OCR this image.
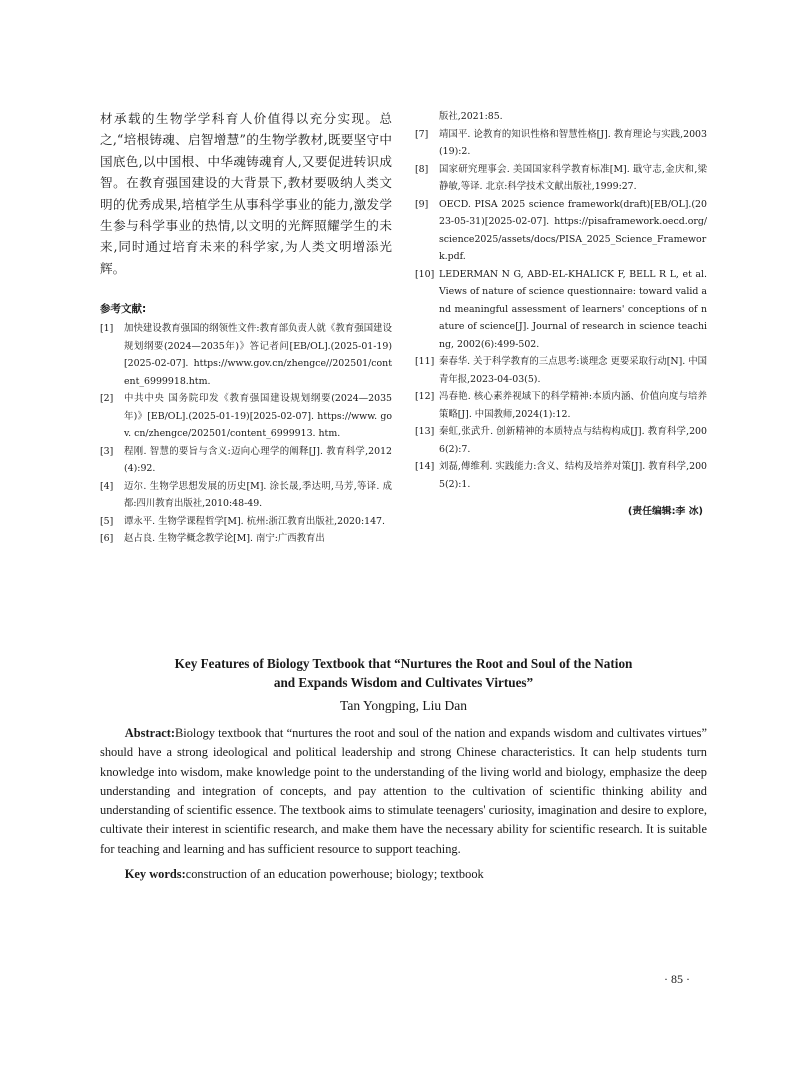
材承载的生物学学科育人价值得以充分实现。总之,“培根铸魂、启智增慧”的生物学教材,既要坚守中国底色,以中国根、中华魂铸魂育人,又要促进转识成智。在教育强国建设的大背景下,教材要吸纳人类文明的优秀成果,培植学生从事科学事业的能力,激发学生参与科学事业的热情,以文明的光辉照耀学生的未来,同时通过培育未来的科学家,为人类文明增添光辉。

参考文献:
[1]	加快建设教育强国的纲领性文件:教育部负责人就《教育强国建设规划纲要(2024—2035年)》答记者问[EB/OL].(2025-01-19)[2025-02-07]. https://www.gov.cn/zhengce//202501/content_6999918.htm.
[2]	中共中央 国务院印发《教育强国建设规划纲要(2024—2035 年)》[EB/OL].(2025-01-19)[2025-02-07]. https://www. gov. cn/zhengce/202501/content_6999913. htm.
[3]	程刚. 智慧的要旨与含义:迈向心理学的阐释[J]. 教育科学,2012(4):92.
[4]	迈尔. 生物学思想发展的历史[M]. 涂长晟,季达明,马芳,等译. 成都:四川教育出版社,2010:48-49.
[5]	谭永平. 生物学课程哲学[M]. 杭州:浙江教育出版社,2020:147.
[6]	赵占良. 生物学概念教学论[M]. 南宁:广西教育出
版社,2021:85.
[7]	靖国平. 论教育的知识性格和智慧性格[J]. 教育理论与实践,2003(19):2.
[8]	国家研究理事会. 美国国家科学教育标准[M]. 戢守志,金庆和,梁静敏,等译. 北京:科学技术文献出版社,1999:27.
[9]	OECD. PISA 2025 science framework(draft)[EB/OL].(2023-05-31)[2025-02-07]. https://pisaframework.oecd.org/science2025/assets/docs/PISA_2025_Science_Framework.pdf.
[10] LEDERMAN N G, ABD-EL-KHALICK F, BELL R L, et al. Views of nature of science questionnaire: toward valid and meaningful assessment of learners' conceptions of nature of science[J]. Journal of research in science teaching, 2002(6):499-502.
[11] 秦春华. 关于科学教育的三点思考:谈理念 更要采取行动[N]. 中国青年报,2023-04-03(5).
[12] 冯春艳. 核心素养视域下的科学精神:本质内涵、价值向度与培养策略[J]. 中国教师,2024(1):12.
[13] 秦虹,张武升. 创新精神的本质特点与结构构成[J]. 教育科学,2006(2):7.
[14] 刘磊,傅维利. 实践能力:含义、结构及培养对策[J]. 教育科学,2005(2):1.
(责任编辑:李 冰)
Key Features of Biology Textbook that “Nurtures the Root and Soul of the Nation
and Expands Wisdom and Cultivates Virtues”
Tan Yongping, Liu Dan

Abstract:Biology textbook that “nurtures the root and soul of the nation and expands wisdom and cultivates virtues” should have a strong ideological and political leadership and strong Chinese characteristics. It can help students turn knowledge into wisdom, make knowledge point to the understanding of the living world and biology, emphasize the deep understanding and integration of concepts, and pay attention to the cultivation of scientific thinking ability and understanding of scientific essence. The textbook aims to stimulate teenagers' curiosity, imagination and desire to explore, cultivate their interest in scientific research, and make them have the necessary ability for scientific research. It is suitable for teaching and learning and has sufficient resource to support teaching.

Key words:construction of an education powerhouse; biology; textbook

· 85 ·
